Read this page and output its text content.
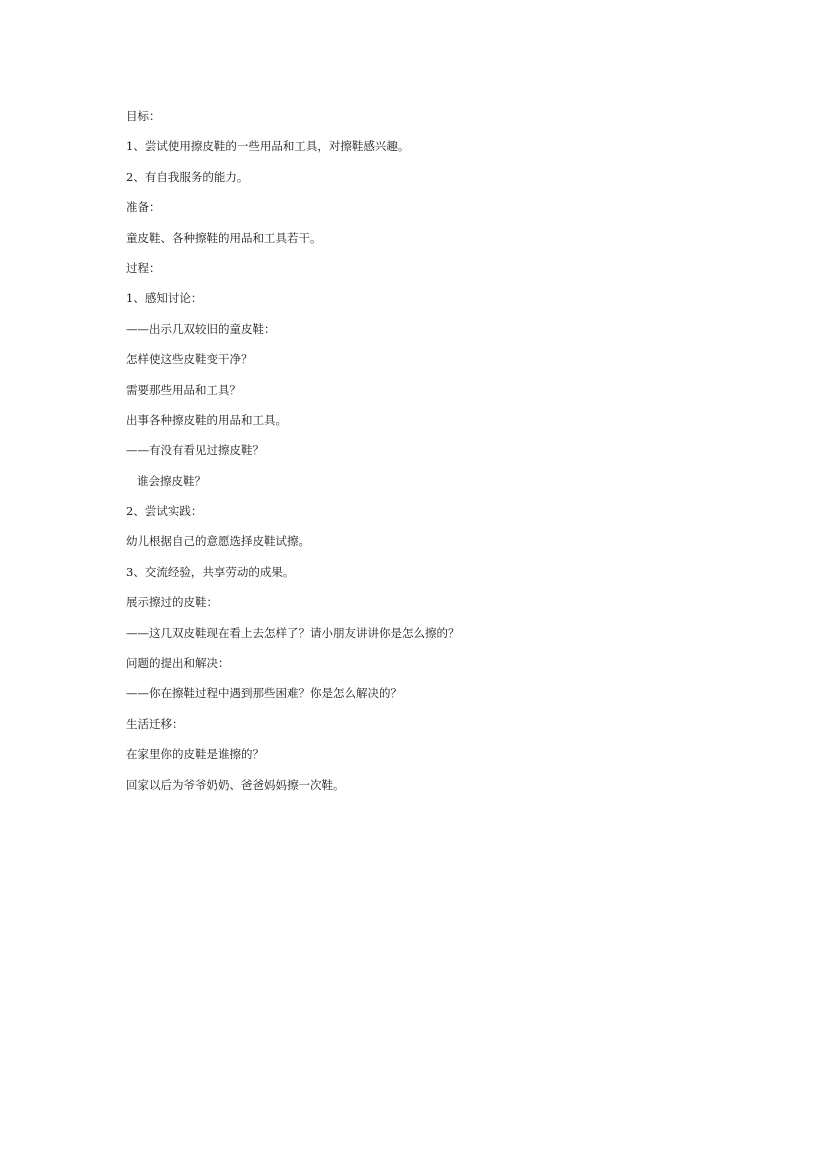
目标：
1、尝试使用擦皮鞋的一些用品和工具，对擦鞋感兴趣。
2、有自我服务的能力。
准备：
童皮鞋、各种擦鞋的用品和工具若干。
过程：
1、感知讨论：
——出示几双较旧的童皮鞋：
怎样使这些皮鞋变干净？
需要那些用品和工具？
出事各种擦皮鞋的用品和工具。
——有没有看见过擦皮鞋？
谁会擦皮鞋？
2、尝试实践：
幼儿根据自己的意愿选择皮鞋试擦。
3、交流经验，共享劳动的成果。
展示擦过的皮鞋：
——这几双皮鞋现在看上去怎样了？请小朋友讲讲你是怎么擦的？
问题的提出和解决：
——你在擦鞋过程中遇到那些困难？你是怎么解决的？
生活迁移：
在家里你的皮鞋是谁擦的？
回家以后为爷爷奶奶、爸爸妈妈擦一次鞋。
